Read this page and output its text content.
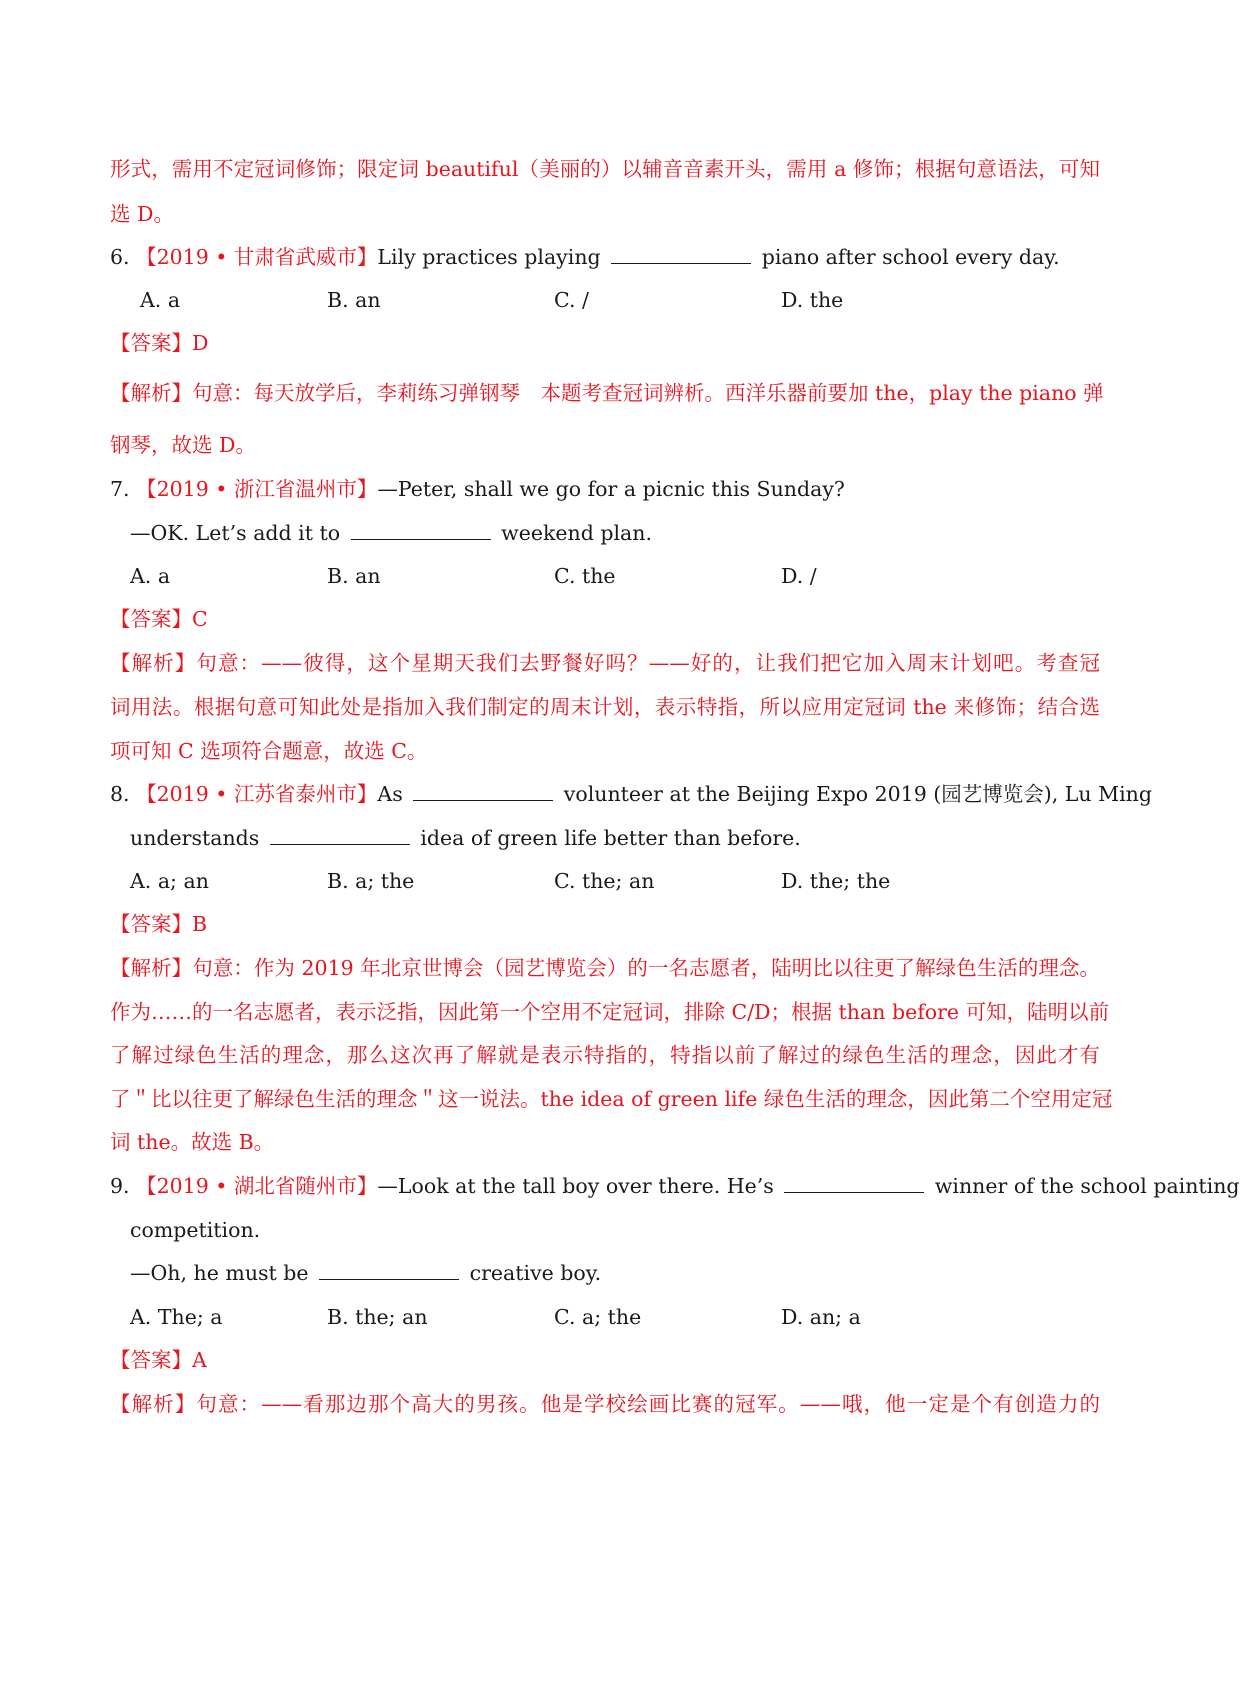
形式，需用不定冠词修饰；限定词 beautiful（美丽的）以辅音音素开头，需用 a 修饰；根据句意语法，可知
选 D。
6. 【2019 • 甘肃省武威市】Lily practices playing	piano after school every day.
A. a	B. an	C. /	D. the
【答案】D
【解析】句意：每天放学后，李莉练习弹钢琴　本题考查冠词辨析。西洋乐器前要加 the，play the piano 弹
钢琴，故选 D。
7. 【2019 • 浙江省温州市】—Peter, shall we go for a picnic this Sunday?
—OK. Let’s add it to	weekend plan.
A. a	B. an	C. the	D. /
【答案】C
【解析】句意：——彼得，这个星期天我们去野餐好吗？——好的，让我们把它加入周末计划吧。考查冠
词用法。根据句意可知此处是指加入我们制定的周末计划，表示特指，所以应用定冠词 the 来修饰；结合选
项可知 C 选项符合题意，故选 C。
8. 【2019 • 江苏省泰州市】As	volunteer at the Beijing Expo 2019 (园艺博览会), Lu Ming
understands	idea of green life better than before.
A. a; an	B. a; the	C. the; an	D. the; the
【答案】B
【解析】句意：作为 2019 年北京世博会（园艺博览会）的一名志愿者，陆明比以往更了解绿色生活的理念。
作为……的一名志愿者，表示泛指，因此第一个空用不定冠词，排除 C/D；根据 than before 可知，陆明以前
了解过绿色生活的理念，那么这次再了解就是表示特指的，特指以前了解过的绿色生活的理念，因此才有
了＂比以往更了解绿色生活的理念＂这一说法。the idea of green life 绿色生活的理念，因此第二个空用定冠
词 the。故选 B。
9. 【2019 • 湖北省随州市】—Look at the tall boy over there. He’s	winner of the school painting
competition.
—Oh, he must be	creative boy.
A. The; a	B. the; an	C. a; the	D. an; a
【答案】A
【解析】句意：——看那边那个高大的男孩。他是学校绘画比赛的冠军。——哦，他一定是个有创造力的
